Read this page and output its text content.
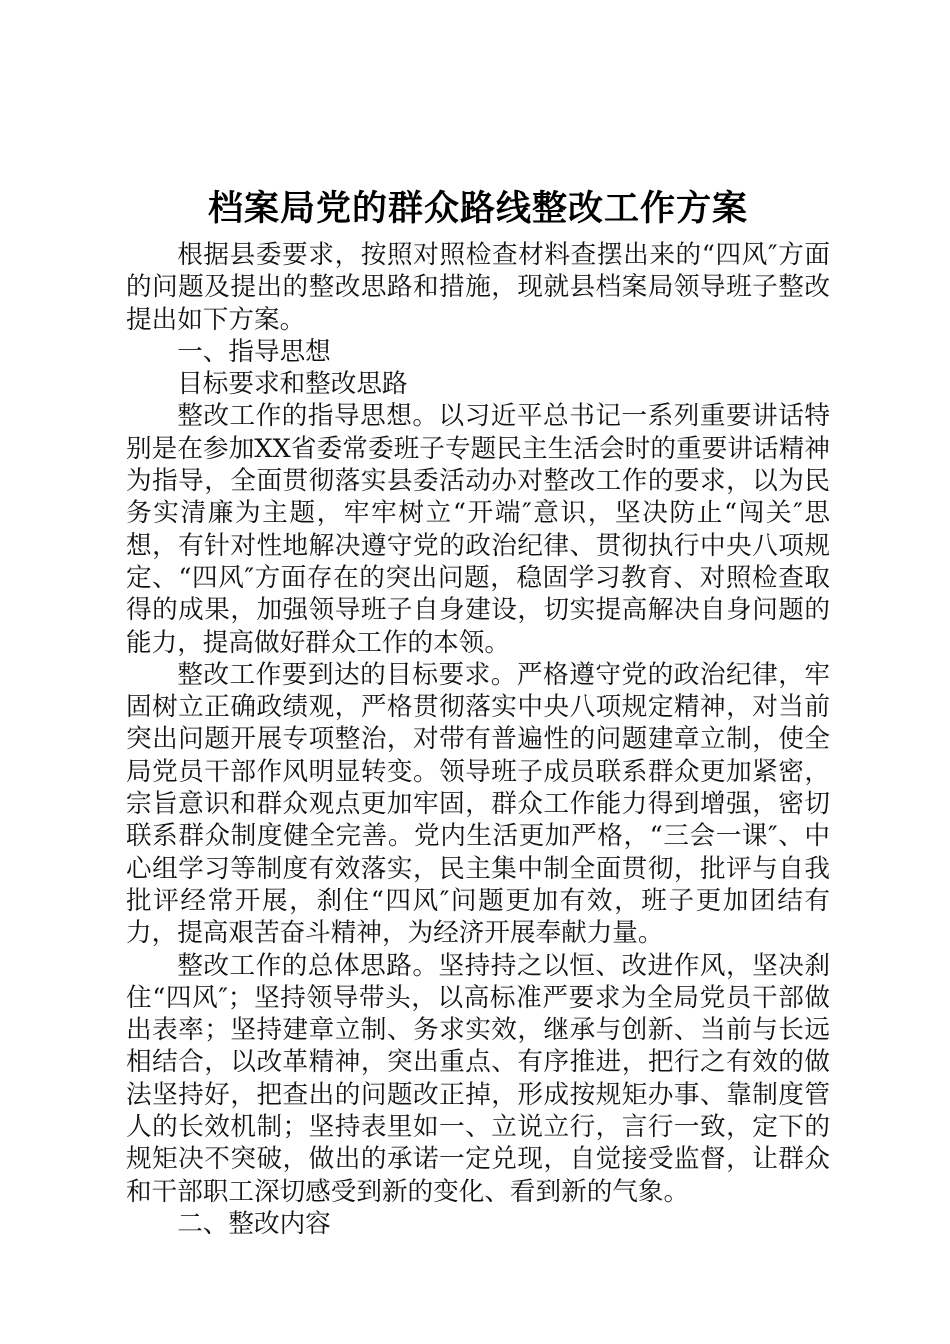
档案局党的群众路线整改工作方案

根据县委要求，按照对照检查材料查摆出来的“四风″方面的问题及提出的整改思路和措施，现就县档案局领导班子整改提出如下方案。

一、指导思想

目标要求和整改思路

整改工作的指导思想。以习近平总书记一系列重要讲话特别是在参加XX省委常委班子专题民主生活会时的重要讲话精神为指导，全面贯彻落实县委活动办对整改工作的要求，以为民务实清廉为主题，牢牢树立“开端″意识，坚决防止“闯关″思想，有针对性地解决遵守党的政治纪律、贯彻执行中央八项规定、“四风″方面存在的突出问题，稳固学习教育、对照检查取得的成果，加强领导班子自身建设，切实提高解决自身问题的能力，提高做好群众工作的本领。

整改工作要到达的目标要求。严格遵守党的政治纪律，牢固树立正确政绩观，严格贯彻落实中央八项规定精神，对当前突出问题开展专项整治，对带有普遍性的问题建章立制，使全局党员干部作风明显转变。领导班子成员联系群众更加紧密，宗旨意识和群众观点更加牢固，群众工作能力得到增强，密切联系群众制度健全完善。党内生活更加严格，“三会一课″、中心组学习等制度有效落实，民主集中制全面贯彻，批评与自我批评经常开展，刹住“四风″问题更加有效，班子更加团结有力，提高艰苦奋斗精神，为经济开展奉献力量。

整改工作的总体思路。坚持持之以恒、改进作风，坚决刹住“四风″；坚持领导带头，以高标准严要求为全局党员干部做出表率；坚持建章立制、务求实效，继承与创新、当前与长远相结合，以改革精神，突出重点、有序推进，把行之有效的做法坚持好，把查出的问题改正掉，形成按规矩办事、靠制度管人的长效机制；坚持表里如一、立说立行，言行一致，定下的规矩决不突破，做出的承诺一定兑现，自觉接受监督，让群众和干部职工深切感受到新的变化、看到新的气象。

二、整改内容
